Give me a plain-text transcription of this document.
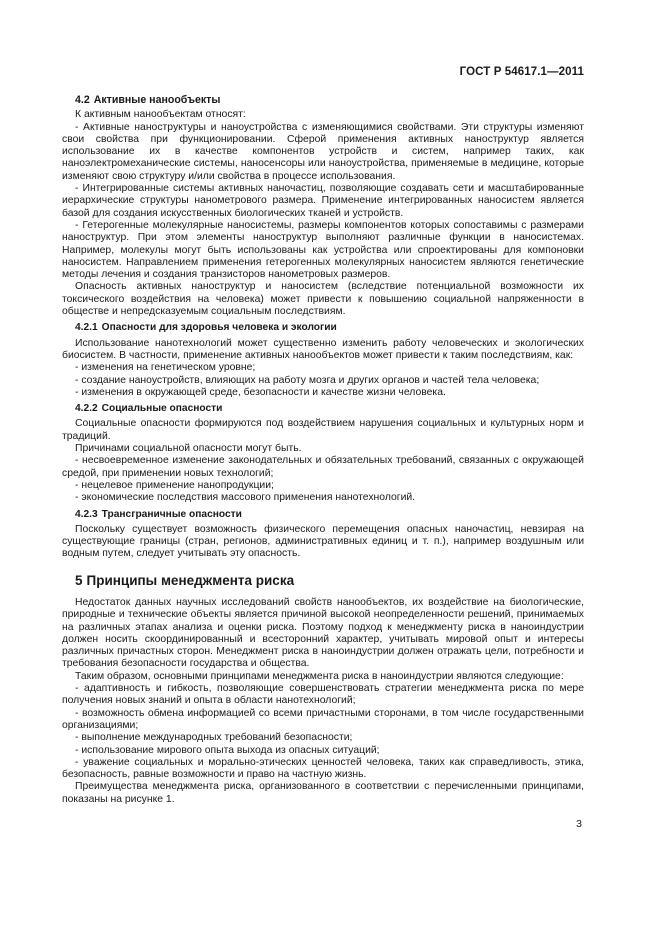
ГОСТ Р 54617.1—2011
4.2 Активные нанообъекты

К активным нанообъектам относят:

- Активные наноструктуры и наноустройства с изменяющимися свойствами. Эти структуры изменяют свои свойства при функционировании. Сферой применения активных наноструктур является использование их в качестве компонентов устройств и систем, например таких, как наноэлектромеханические системы, наносенсоры или наноустройства, применяемые в медицине, которые изменяют свою структуру и/или свойства в процессе использования.

- Интегрированные системы активных наночастиц, позволяющие создавать сети и масштабированные иерархические структуры нанометрового размера. Применение интегрированных наносистем является базой для создания искусственных биологических тканей и устройств.

- Гетерогенные молекулярные наносистемы, размеры компонентов которых сопоставимы с размерами наноструктур. При этом элементы наноструктур выполняют различные функции в наносистемах. Например, молекулы могут быть использованы как устройства или спроектированы для компоновки наносистем. Направлением применения гетерогенных молекулярных наносистем являются генетические методы лечения и создания транзисторов нанометровых размеров.

Опасность активных наноструктур и наносистем (вследствие потенциальной возможности их токсического воздействия на человека) может привести к повышению социальной напряженности в обществе и непредсказуемым социальным последствиям.

4.2.1 Опасности для здоровья человека и экологии

Использование нанотехнологий может существенно изменить работу человеческих и экологических биосистем. В частности, применение активных нанообъектов может привести к таким последствиям, как:

- изменения на генетическом уровне;

- создание наноустройств, влияющих на работу мозга и других органов и частей тела человека;

- изменения в окружающей среде, безопасности и качестве жизни человека.

4.2.2 Социальные опасности

Социальные опасности формируются под воздействием нарушения социальных и культурных норм и традиций.

Причинами социальной опасности могут быть.

- несвоевременное изменение законодательных и обязательных требований, связанных с окружающей средой, при применении новых технологий;

- нецелевое применение нанопродукции;

- экономические последствия массового применения нанотехнологий.

4.2.3 Трансграничные опасности

Поскольку существует возможность физического перемещения опасных наночастиц, невзирая на существующие границы (стран, регионов, административных единиц и т. п.), например воздушным или водным путем, следует учитывать эту опасность.

5 Принципы менеджмента риска

Недостаток данных научных исследований свойств нанообъектов, их воздействие на биологические, природные и технические объекты является причиной высокой неопределенности решений, принимаемых на различных этапах анализа и оценки риска. Поэтому подход к менеджменту риска в наноиндустрии должен носить скоординированный и всесторонний характер, учитывать мировой опыт и интересы различных причастных сторон. Менеджмент риска в наноиндустрии должен отражать цели, потребности и требования безопасности государства и общества.

Таким образом, основными принципами менеджмента риска в наноиндустрии являются следующие:

- адаптивность и гибкость, позволяющие совершенствовать стратегии менеджмента риска по мере получения новых знаний и опыта в области нанотехнологий;

- возможность обмена информацией со всеми причастными сторонами, в том числе государственными организациями;

- выполнение международных требований безопасности;

- использование мирового опыта выхода из опасных ситуаций;

- уважение социальных и морально-этических ценностей человека, таких как справедливость, этика, безопасность, равные возможности и право на частную жизнь.

Преимущества менеджмента риска, организованного в соответствии с перечисленными принципами, показаны на рисунке 1.

3
